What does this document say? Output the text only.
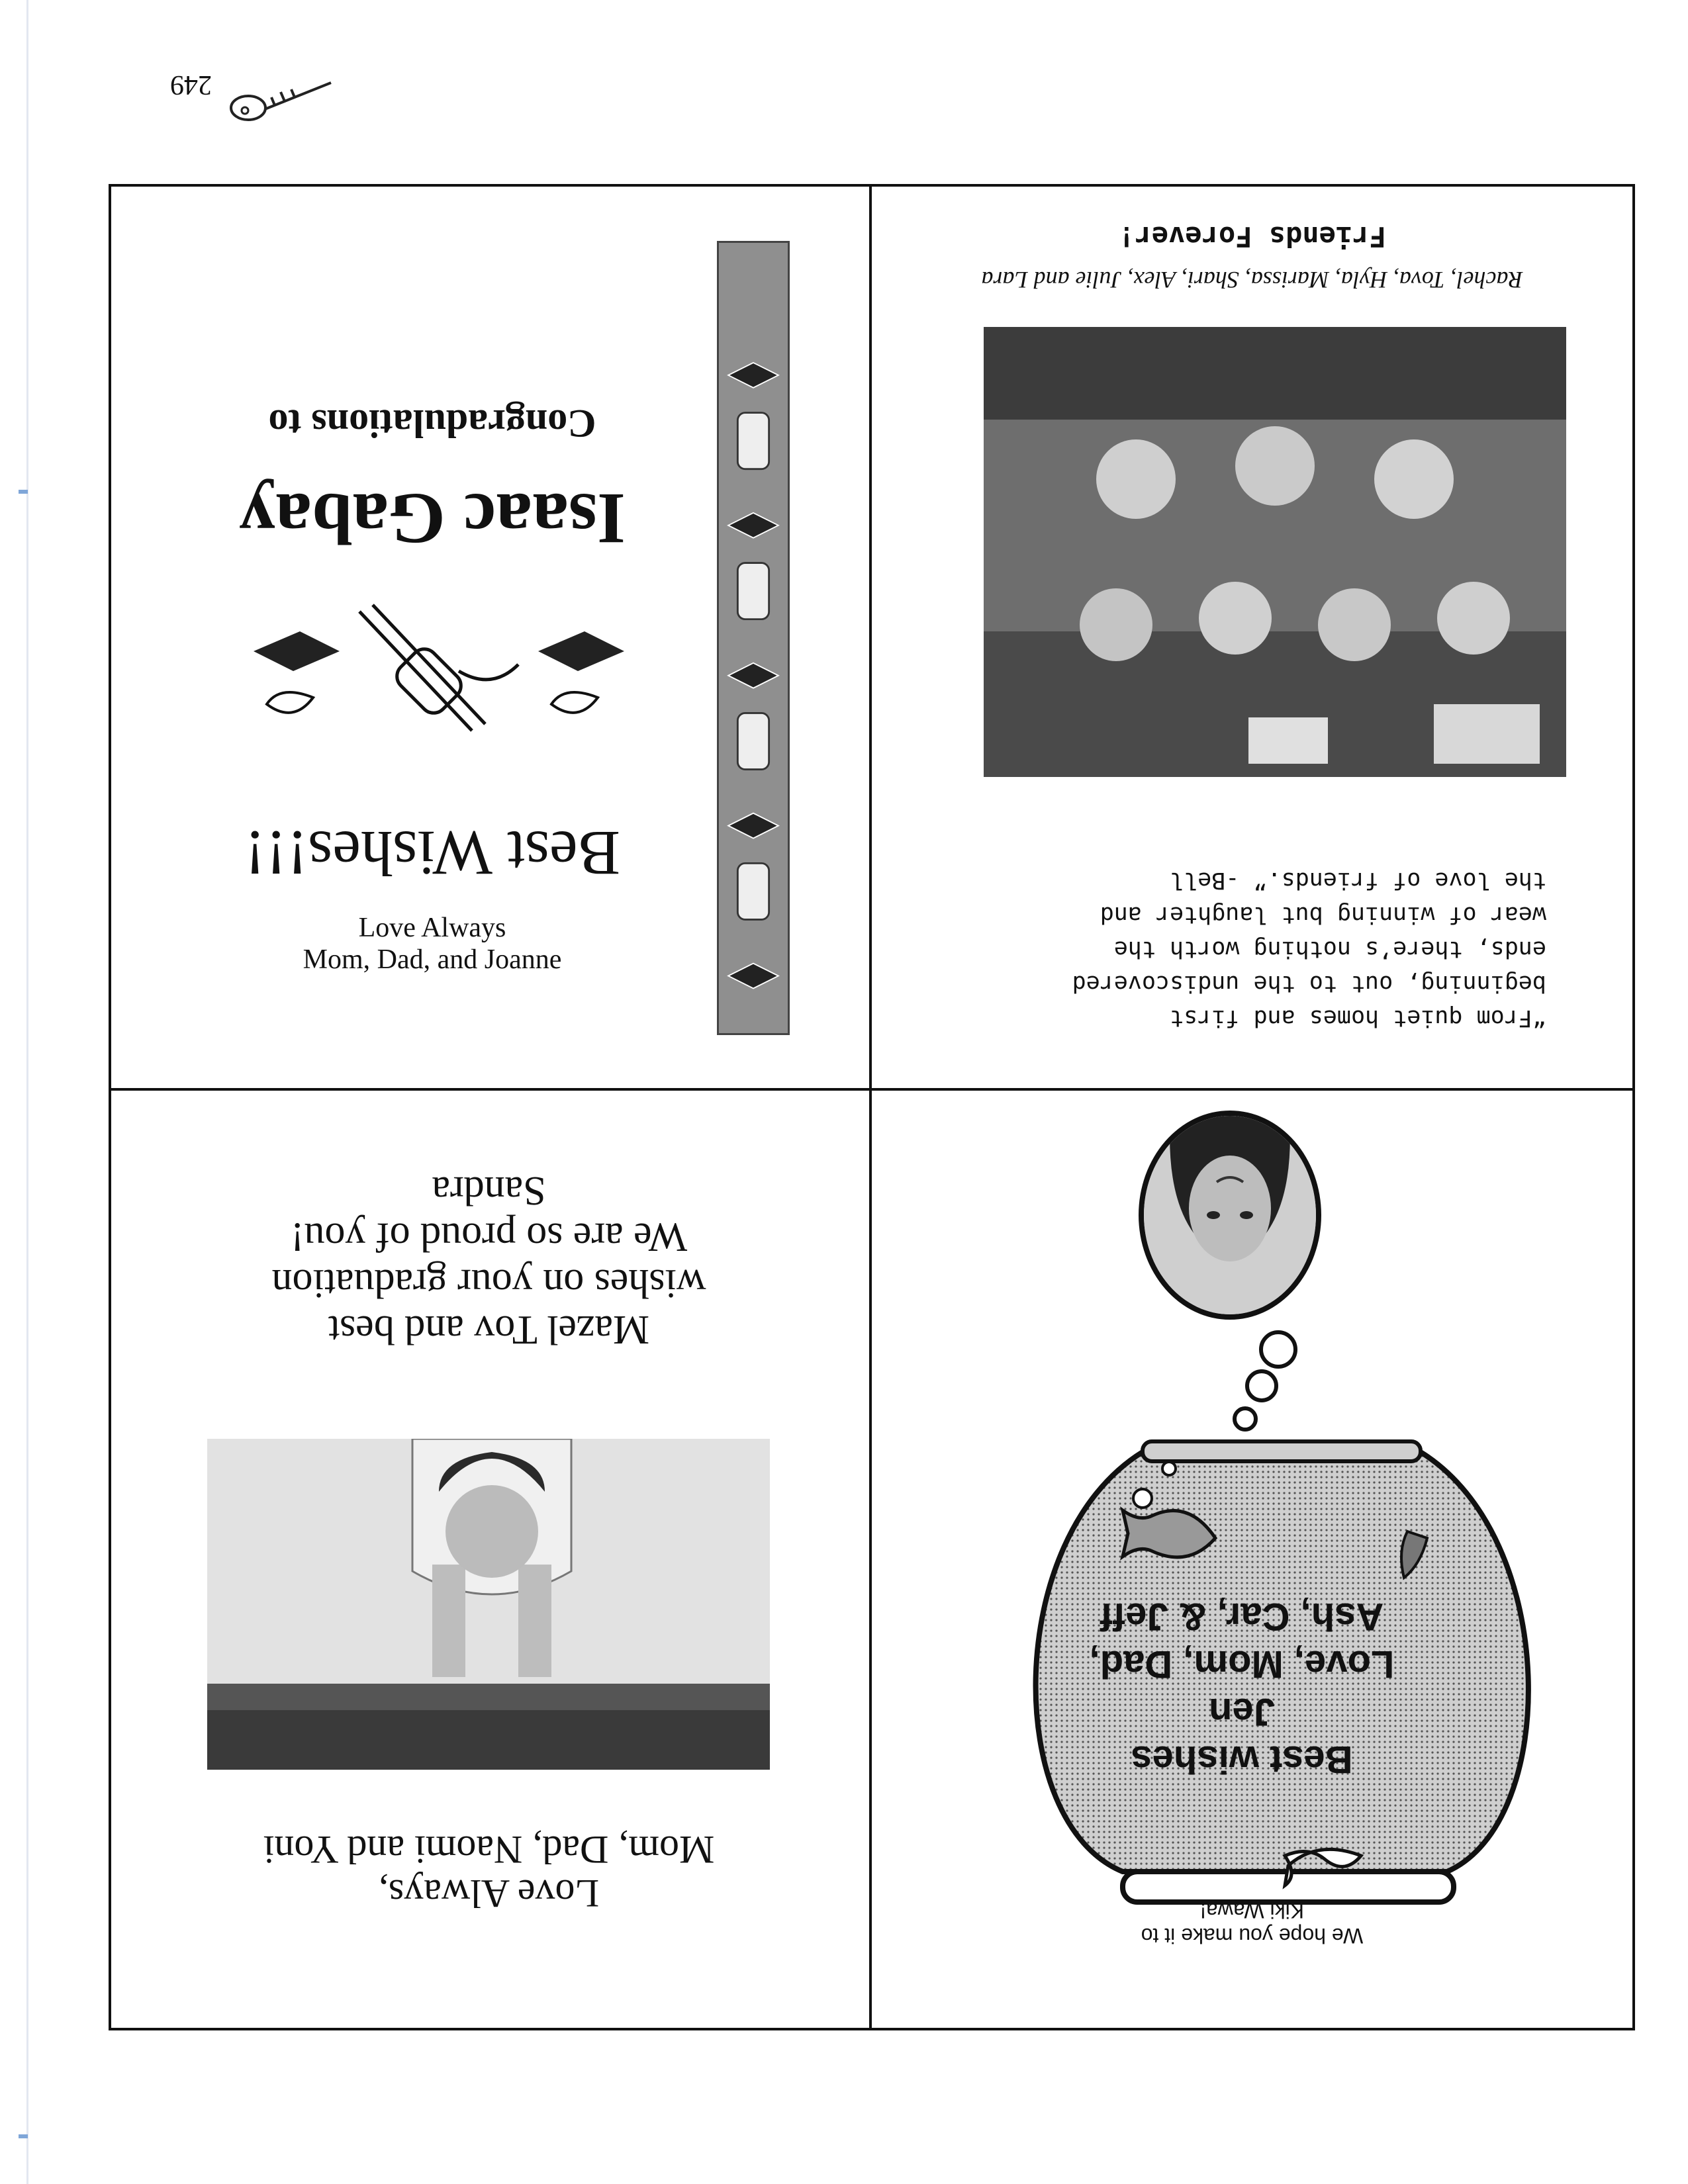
249
We hope you make it to
Kiki Wawa!
Best wishes
Jen
Love, Mom, Dad,
Ash, Car, & Jeff
Love Always,
Mom, Dad, Naomi and Yoni
Mazel Tov and best
wishes on your graduation
We are so proud of you!
Sandra
“From quiet homes and first
beginning, out to the undiscovered
ends, there’s nothing worth the
wear of winning but laughter and
the love of friends.” -Bell
Rachel, Tova, Hyla, Marissa, Shari, Alex, Julie and Lara
Friends Forever!
Mom, Dad, and Joanne
Love Always
Best Wishes!!!
Isaac Gabay
Congradulations to
